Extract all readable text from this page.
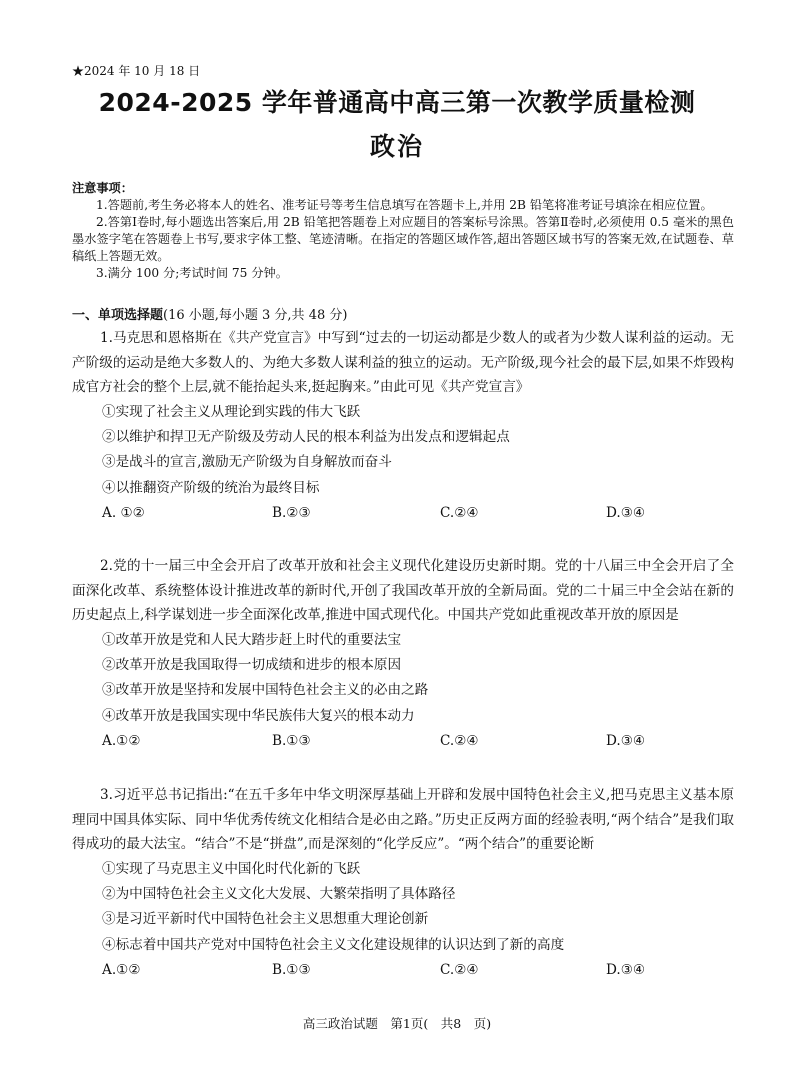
★2024 年 10 月 18 日
2024-2025 学年普通高中高三第一次教学质量检测
政治
注意事项：

1.答题前,考生务必将本人的姓名、准考证号等考生信息填写在答题卡上,并用 2B 铅笔将准考证号填涂在相应位置。

2.答第Ⅰ卷时,每小题选出答案后,用 2B 铅笔把答题卷上对应题目的答案标号涂黑。答第Ⅱ卷时,必须使用 0.5 毫米的黑色墨水签字笔在答题卷上书写,要求字体工整、笔迹清晰。在指定的答题区域作答,超出答题区域书写的答案无效,在试题卷、草稿纸上答题无效。

3.满分 100 分;考试时间 75 分钟。

一、单项选择题(16 小题,每小题 3 分,共 48 分)

1.马克思和恩格斯在《共产党宣言》中写到“过去的一切运动都是少数人的或者为少数人谋利益的运动。无产阶级的运动是绝大多数人的、为绝大多数人谋利益的独立的运动。无产阶级,现今社会的最下层,如果不炸毁构成官方社会的整个上层,就不能抬起头来,挺起胸来。”由此可见《共产党宣言》

①实现了社会主义从理论到实践的伟大飞跃

②以维护和捍卫无产阶级及劳动人民的根本利益为出发点和逻辑起点

③是战斗的宣言,激励无产阶级为自身解放而奋斗

④以推翻资产阶级的统治为最终目标

A. ①②	B.②③	C.②④	D.③④

2.党的十一届三中全会开启了改革开放和社会主义现代化建设历史新时期。党的十八届三中全会开启了全面深化改革、系统整体设计推进改革的新时代,开创了我国改革开放的全新局面。党的二十届三中全会站在新的历史起点上,科学谋划进一步全面深化改革,推进中国式现代化。中国共产党如此重视改革开放的原因是

①改革开放是党和人民大踏步赶上时代的重要法宝

②改革开放是我国取得一切成绩和进步的根本原因

③改革开放是坚持和发展中国特色社会主义的必由之路

④改革开放是我国实现中华民族伟大复兴的根本动力

A.①②	B.①③	C.②④	D.③④

3.习近平总书记指出:“在五千多年中华文明深厚基础上开辟和发展中国特色社会主义,把马克思主义基本原理同中国具体实际、同中华优秀传统文化相结合是必由之路。”历史正反两方面的经验表明,“两个结合”是我们取得成功的最大法宝。“结合”不是“拼盘”,而是深刻的“化学反应”。“两个结合”的重要论断

①实现了马克思主义中国化时代化新的飞跃

②为中国特色社会主义文化大发展、大繁荣指明了具体路径

③是习近平新时代中国特色社会主义思想重大理论创新

④标志着中国共产党对中国特色社会主义文化建设规律的认识达到了新的高度

A.①②	B.①③	C.②④	D.③④
高三政治试题　第1页(　共8　页)
